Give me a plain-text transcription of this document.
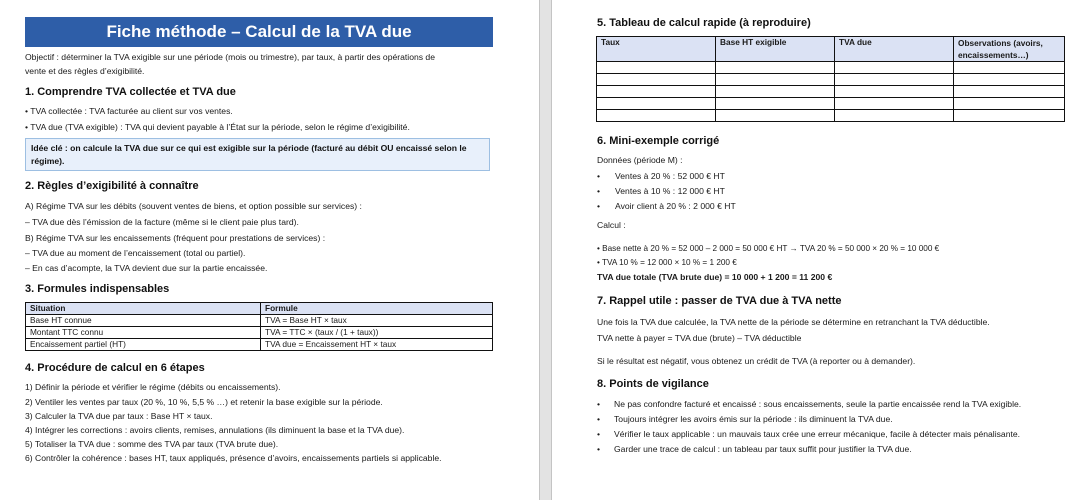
Fiche méthode – Calcul de la TVA due
Objectif : déterminer la TVA exigible sur une période (mois ou trimestre), par taux, à partir des opérations de
vente et des règles d’exigibilité.
1. Comprendre TVA collectée et TVA due
• TVA collectée : TVA facturée au client sur vos ventes.
• TVA due (TVA exigible) : TVA qui devient payable à l’État sur la période, selon le régime d’exigibilité.
Idée clé : on calcule la TVA due sur ce qui est exigible sur la période (facturé au débit OU encaissé selon le régime).
2. Règles d’exigibilité à connaître
A) Régime TVA sur les débits (souvent ventes de biens, et option possible sur services) :
– TVA due dès l’émission de la facture (même si le client paie plus tard).
B) Régime TVA sur les encaissements (fréquent pour prestations de services) :
– TVA due au moment de l’encaissement (total ou partiel).
– En cas d’acompte, la TVA devient due sur la partie encaissée.
3. Formules indispensables
Situation	Formule
Base HT connue	TVA = Base HT × taux
Montant TTC connu	TVA = TTC × (taux / (1 + taux))
Encaissement partiel (HT)	TVA due = Encaissement HT × taux
4. Procédure de calcul en 6 étapes
1) Définir la période et vérifier le régime (débits ou encaissements).
2) Ventiler les ventes par taux (20 %, 10 %, 5,5 % …) et retenir la base exigible sur la période.
3) Calculer la TVA due par taux : Base HT × taux.
4) Intégrer les corrections : avoirs clients, remises, annulations (ils diminuent la base et la TVA due).
5) Totaliser la TVA due : somme des TVA par taux (TVA brute due).
6) Contrôler la cohérence : bases HT, taux appliqués, présence d’avoirs, encaissements partiels si applicable.
5. Tableau de calcul rapide (à reproduire)
Taux	Base HT exigible	TVA due	Observations (avoirs, encaissements…)

6. Mini-exemple corrigé
Données (période M) :
• Ventes à 20 % : 52 000 € HT
• Ventes à 10 % : 12 000 € HT
• Avoir client à 20 % : 2 000 € HT
Calcul :
• Base nette à 20 % = 52 000 – 2 000 = 50 000 € HT → TVA 20 % = 50 000 × 20 % = 10 000 €
• TVA 10 % = 12 000 × 10 % = 1 200 €
TVA due totale (TVA brute due) = 10 000 + 1 200 = 11 200 €
7. Rappel utile : passer de TVA due à TVA nette
Une fois la TVA due calculée, la TVA nette de la période se détermine en retranchant la TVA déductible.
TVA nette à payer = TVA due (brute) – TVA déductible
Si le résultat est négatif, vous obtenez un crédit de TVA (à reporter ou à demander).
8. Points de vigilance
• Ne pas confondre facturé et encaissé : sous encaissements, seule la partie encaissée rend la TVA exigible.
• Toujours intégrer les avoirs émis sur la période : ils diminuent la TVA due.
• Vérifier le taux applicable : un mauvais taux crée une erreur mécanique, facile à détecter mais pénalisante.
• Garder une trace de calcul : un tableau par taux suffit pour justifier la TVA due.
